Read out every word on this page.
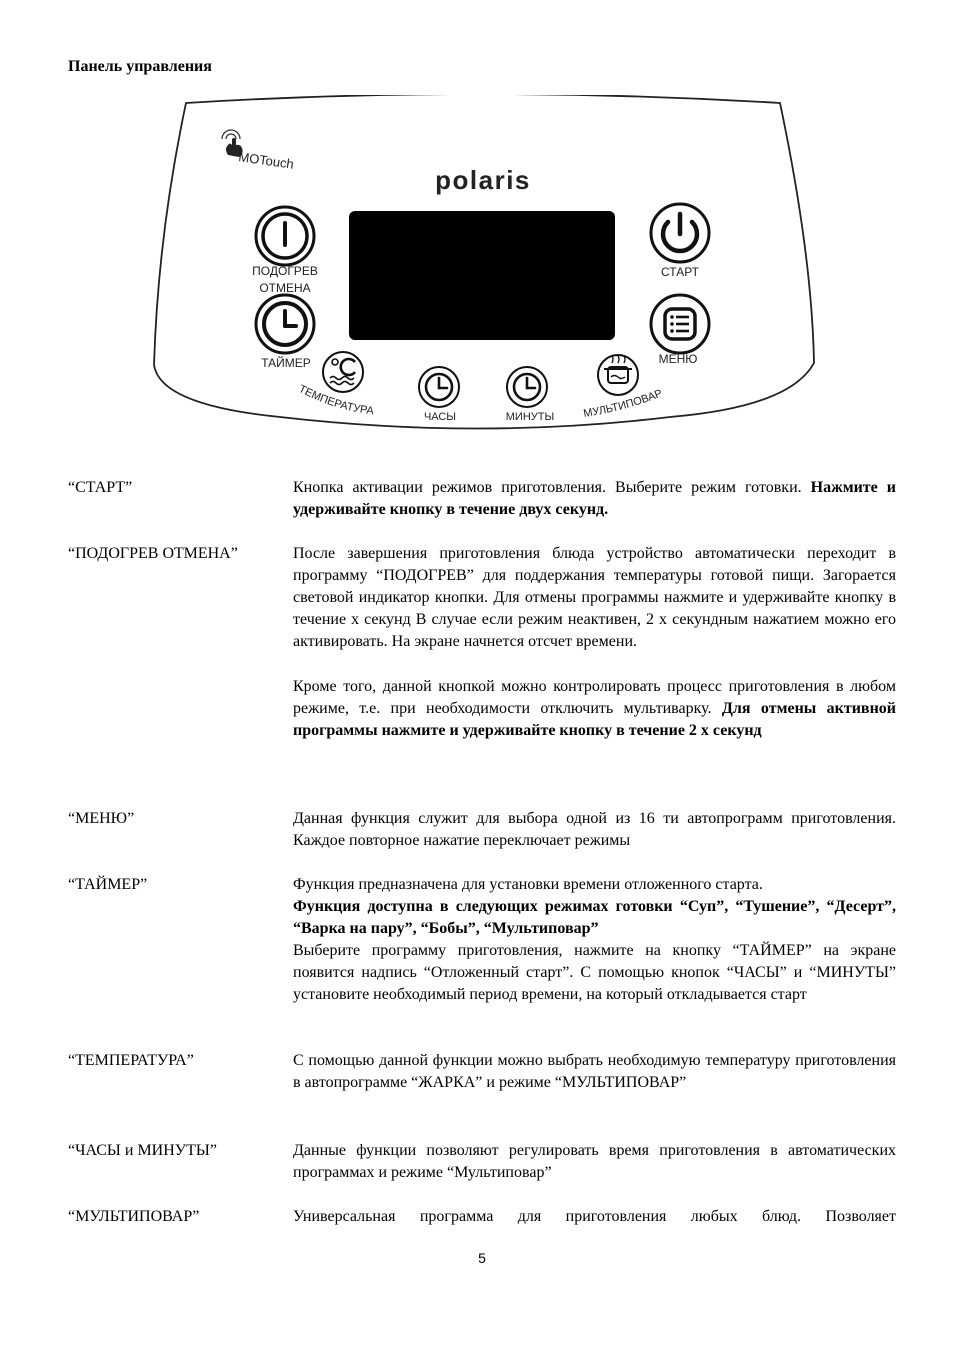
Панель управления
MOTouch
polaris
ПОДОГРЕВ
ОТМЕНА
ТАЙМЕР
ТЕМПЕРАТУРА	ЧАСЫ	МИНУТЫ	МУЛЬТИПОВАР
СТАРТ
МЕНЮ
“СТАРТ”	Кнопка активации режимов приготовления. Выберите режим готовки. Нажмите и удерживайте кнопку в течение двух секунд.

“ПОДОГРЕВ ОТМЕНА”	После завершения приготовления блюда устройство автоматически переходит в программу “ПОДОГРЕВ” для поддержания температуры готовой пищи. Загорается световой индикатор кнопки. Для отмены программы нажмите и удерживайте кнопку в течение х секунд В случае если режим неактивен, 2 х секундным нажатием можно его активировать. На экране начнется отсчет времени.

Кроме того, данной кнопкой можно контролировать процесс приготовления в любом режиме, т.е. при необходимости отключить мультиварку. Для отмены активной программы нажмите и удерживайте кнопку в течение 2 х секунд

“МЕНЮ”	Данная функция служит для выбора одной из 16 ти автопрограмм приготовления. Каждое повторное нажатие переключает режимы

“ТАЙМЕР”	Функция предназначена для установки времени отложенного старта.
Функция доступна в следующих режимах готовки “Суп”, “Тушение”, “Десерт”, “Варка на пару”, “Бобы”, “Мультиповар”
Выберите программу приготовления, нажмите на кнопку “ТАЙМЕР” на экране появится надпись “Отложенный старт”. С помощью кнопок “ЧАСЫ” и “МИНУТЫ” установите необходимый период времени, на который откладывается старт

“ТЕМПЕРАТУРА”	С помощью данной функции можно выбрать необходимую температуру приготовления в автопрограмме “ЖАРКА” и режиме “МУЛЬТИПОВАР”

“ЧАСЫ и МИНУТЫ”	Данные функции позволяют регулировать время приготовления в автоматических программах и режиме “Мультиповар”

“МУЛЬТИПОВАР”	Универсальная программа для приготовления любых блюд. Позволяет

5
